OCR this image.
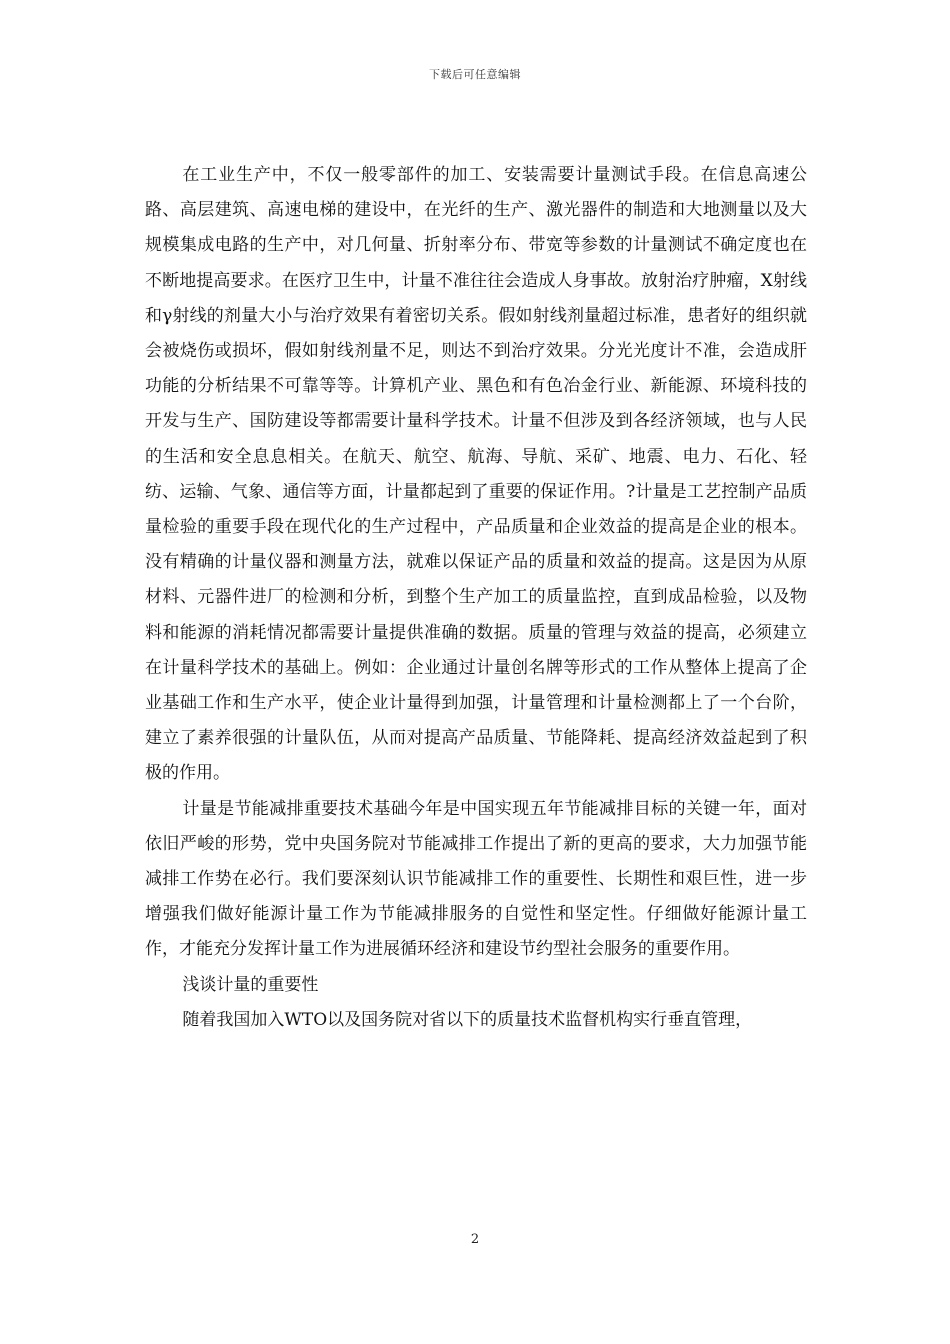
下载后可任意编辑

在工业生产中，不仅一般零部件的加工、安装需要计量测试手段。在信息高速公路、高层建筑、高速电梯的建设中，在光纤的生产、激光器件的制造和大地测量以及大规模集成电路的生产中，对几何量、折射率分布、带宽等参数的计量测试不确定度也在不断地提高要求。在医疗卫生中，计量不准往往会造成人身事故。放射治疗肿瘤，X射线和γ射线的剂量大小与治疗效果有着密切关系。假如射线剂量超过标准，患者好的组织就会被烧伤或损坏，假如射线剂量不足，则达不到治疗效果。分光光度计不准，会造成肝功能的分析结果不可靠等等。计算机产业、黑色和有色冶金行业、新能源、环境科技的开发与生产、国防建设等都需要计量科学技术。计量不但涉及到各经济领域，也与人民的生活和安全息息相关。在航天、航空、航海、导航、采矿、地震、电力、石化、轻纺、运输、气象、通信等方面，计量都起到了重要的保证作用。?计量是工艺控制产品质量检验的重要手段在现代化的生产过程中，产品质量和企业效益的提高是企业的根本。没有精确的计量仪器和测量方法，就难以保证产品的质量和效益的提高。这是因为从原材料、元器件进厂的检测和分析，到整个生产加工的质量监控，直到成品检验，以及物料和能源的消耗情况都需要计量提供准确的数据。质量的管理与效益的提高，必须建立在计量科学技术的基础上。例如：企业通过计量创名牌等形式的工作从整体上提高了企业基础工作和生产水平，使企业计量得到加强，计量管理和计量检测都上了一个台阶，建立了素养很强的计量队伍，从而对提高产品质量、节能降耗、提高经济效益起到了积极的作用。

计量是节能减排重要技术基础今年是中国实现五年节能减排目标的关键一年，面对依旧严峻的形势，党中央国务院对节能减排工作提出了新的更高的要求，大力加强节能减排工作势在必行。我们要深刻认识节能减排工作的重要性、长期性和艰巨性，进一步增强我们做好能源计量工作为节能减排服务的自觉性和坚定性。仔细做好能源计量工作，才能充分发挥计量工作为进展循环经济和建设节约型社会服务的重要作用。

浅谈计量的重要性

随着我国加入WTO以及国务院对省以下的质量技术监督机构实行垂直管理，

2
